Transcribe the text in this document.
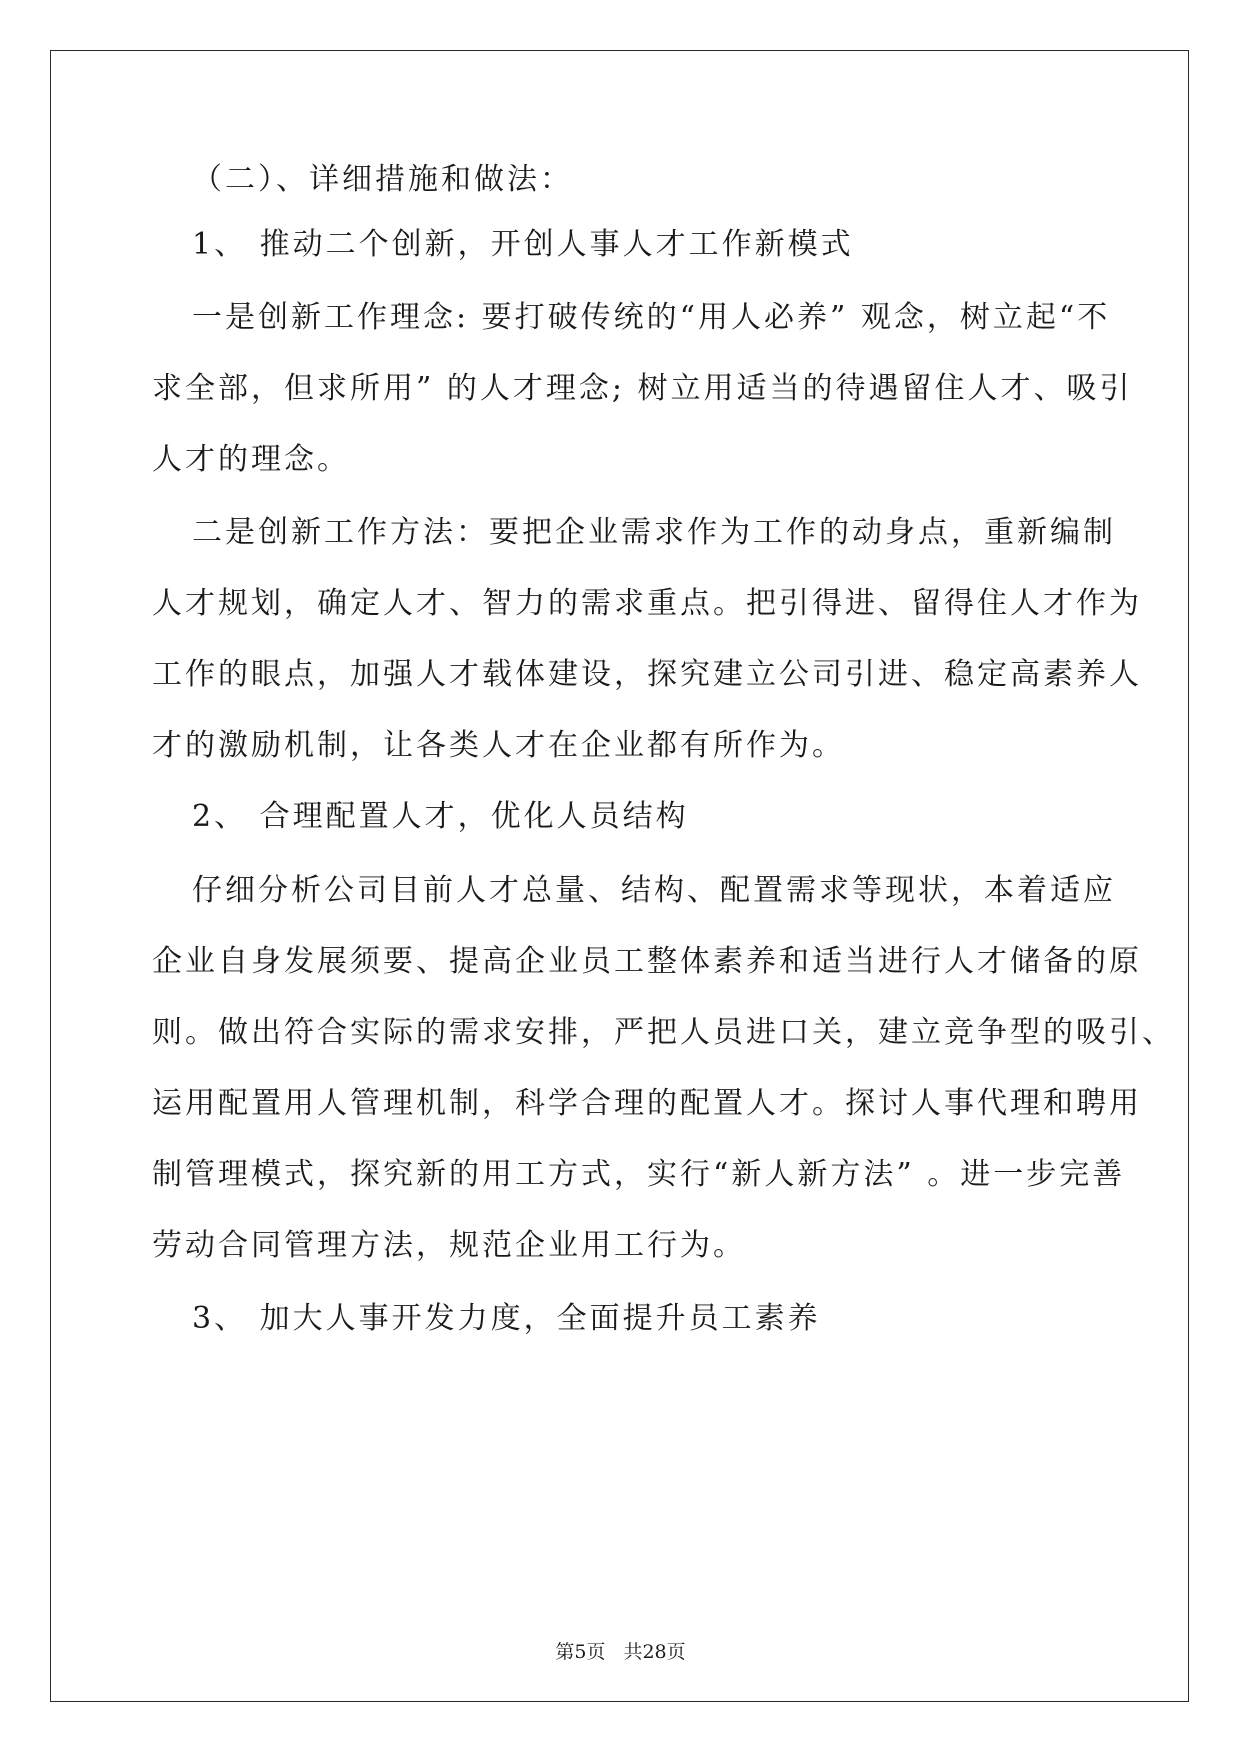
（二）、详细措施和做法：
1、 推动二个创新，开创人事人才工作新模式
一是创新工作理念: 要打破传统的“用人必养” 观念，树立起“不
求全部，但求所用” 的人才理念; 树立用适当的待遇留住人才、吸引
人才的理念。
二是创新工作方法：要把企业需求作为工作的动身点，重新编制
人才规划，确定人才、智力的需求重点。把引得进、留得住人才作为
工作的眼点，加强人才载体建设，探究建立公司引进、稳定高素养人
才的激励机制，让各类人才在企业都有所作为。
2、 合理配置人才，优化人员结构
仔细分析公司目前人才总量、结构、配置需求等现状，本着适应
企业自身发展须要、提高企业员工整体素养和适当进行人才储备的原
则。做出符合实际的需求安排，严把人员进口关，建立竞争型的吸引、
运用配置用人管理机制，科学合理的配置人才。探讨人事代理和聘用
制管理模式，探究新的用工方式，实行“新人新方法” 。进一步完善
劳动合同管理方法，规范企业用工行为。
3、 加大人事开发力度，全面提升员工素养
第5页 共28页
